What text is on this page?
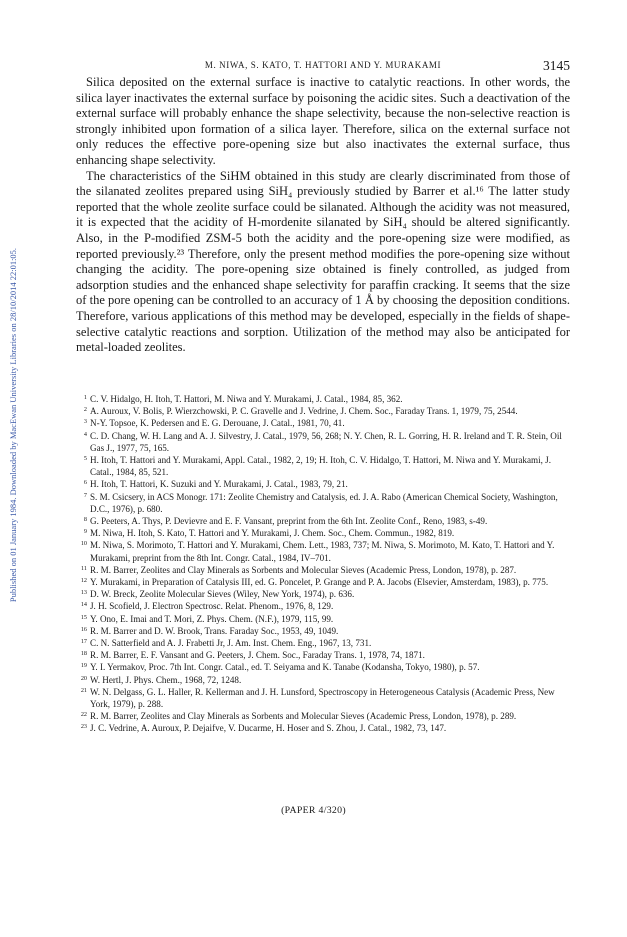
M. NIWA, S. KATO, T. HATTORI AND Y. MURAKAMI	3145
Published on 01 January 1984. Downloaded by MacEwan University Libraries on 28/10/2014 22:01:05.

Silica deposited on the external surface is inactive to catalytic reactions. In other words, the silica layer inactivates the external surface by poisoning the acidic sites. Such a deactivation of the external surface will probably enhance the shape selectivity, because the non-selective reaction is strongly inhibited upon formation of a silica layer. Therefore, silica on the external surface not only reduces the effective pore-opening size but also inactivates the external surface, thus enhancing shape selectivity.

The characteristics of the SiHM obtained in this study are clearly discriminated from those of the silanated zeolites prepared using SiH₄ previously studied by Barrer et al.¹⁶ The latter study reported that the whole zeolite surface could be silanated. Although the acidity was not measured, it is expected that the acidity of H-mordenite silanated by SiH₄ should be altered significantly. Also, in the P-modified ZSM-5 both the acidity and the pore-opening size were modified, as reported previously.²³ Therefore, only the present method modifies the pore-opening size without changing the acidity. The pore-opening size obtained is finely controlled, as judged from adsorption studies and the enhanced shape selectivity for paraffin cracking. It seems that the size of the pore opening can be controlled to an accuracy of 1 Å by choosing the deposition conditions. Therefore, various applications of this method may be developed, especially in the fields of shape-selective catalytic reactions and sorption. Utilization of the method may also be anticipated for metal-loaded zeolites.

1 C. V. Hidalgo, H. Itoh, T. Hattori, M. Niwa and Y. Murakami, J. Catal., 1984, 85, 362.

2 A. Auroux, V. Bolis, P. Wierzchowski, P. C. Gravelle and J. Vedrine, J. Chem. Soc., Faraday Trans. 1, 1979, 75, 2544.

3 N-Y. Topsoe, K. Pedersen and E. G. Derouane, J. Catal., 1981, 70, 41.

4 C. D. Chang, W. H. Lang and A. J. Silvestry, J. Catal., 1979, 56, 268; N. Y. Chen, R. L. Gorring, H. R. Ireland and T. R. Stein, Oil Gas J., 1977, 75, 165.

5 H. Itoh, T. Hattori and Y. Murakami, Appl. Catal., 1982, 2, 19; H. Itoh, C. V. Hidalgo, T. Hattori, M. Niwa and Y. Murakami, J. Catal., 1984, 85, 521.

6 H. Itoh, T. Hattori, K. Suzuki and Y. Murakami, J. Catal., 1983, 79, 21.

7 S. M. Csicsery, in ACS Monogr. 171: Zeolite Chemistry and Catalysis, ed. J. A. Rabo (American Chemical Society, Washington, D.C., 1976), p. 680.

8 G. Peeters, A. Thys, P. Devievre and E. F. Vansant, preprint from the 6th Int. Zeolite Conf., Reno, 1983, s-49.

9 M. Niwa, H. Itoh, S. Kato, T. Hattori and Y. Murakami, J. Chem. Soc., Chem. Commun., 1982, 819.

10 M. Niwa, S. Morimoto, T. Hattori and Y. Murakami, Chem. Lett., 1983, 737; M. Niwa, S. Morimoto, M. Kato, T. Hattori and Y. Murakami, preprint from the 8th Int. Congr. Catal., 1984, IV–701.

11 R. M. Barrer, Zeolites and Clay Minerals as Sorbents and Molecular Sieves (Academic Press, London, 1978), p. 287.

12 Y. Murakami, in Preparation of Catalysis III, ed. G. Poncelet, P. Grange and P. A. Jacobs (Elsevier, Amsterdam, 1983), p. 775.

13 D. W. Breck, Zeolite Molecular Sieves (Wiley, New York, 1974), p. 636.

14 J. H. Scofield, J. Electron Spectrosc. Relat. Phenom., 1976, 8, 129.

15 Y. Ono, E. Imai and T. Mori, Z. Phys. Chem. (N.F.), 1979, 115, 99.

16 R. M. Barrer and D. W. Brook, Trans. Faraday Soc., 1953, 49, 1049.

17 C. N. Satterfield and A. J. Frabetti Jr, J. Am. Inst. Chem. Eng., 1967, 13, 731.

18 R. M. Barrer, E. F. Vansant and G. Peeters, J. Chem. Soc., Faraday Trans. 1, 1978, 74, 1871.

19 Y. I. Yermakov, Proc. 7th Int. Congr. Catal., ed. T. Seiyama and K. Tanabe (Kodansha, Tokyo, 1980), p. 57.

20 W. Hertl, J. Phys. Chem., 1968, 72, 1248.

21 W. N. Delgass, G. L. Haller, R. Kellerman and J. H. Lunsford, Spectroscopy in Heterogeneous Catalysis (Academic Press, New York, 1979), p. 288.

22 R. M. Barrer, Zeolites and Clay Minerals as Sorbents and Molecular Sieves (Academic Press, London, 1978), p. 289.

23 J. C. Vedrine, A. Auroux, P. Dejaifve, V. Ducarme, H. Hoser and S. Zhou, J. Catal., 1982, 73, 147.

(PAPER 4/320)
